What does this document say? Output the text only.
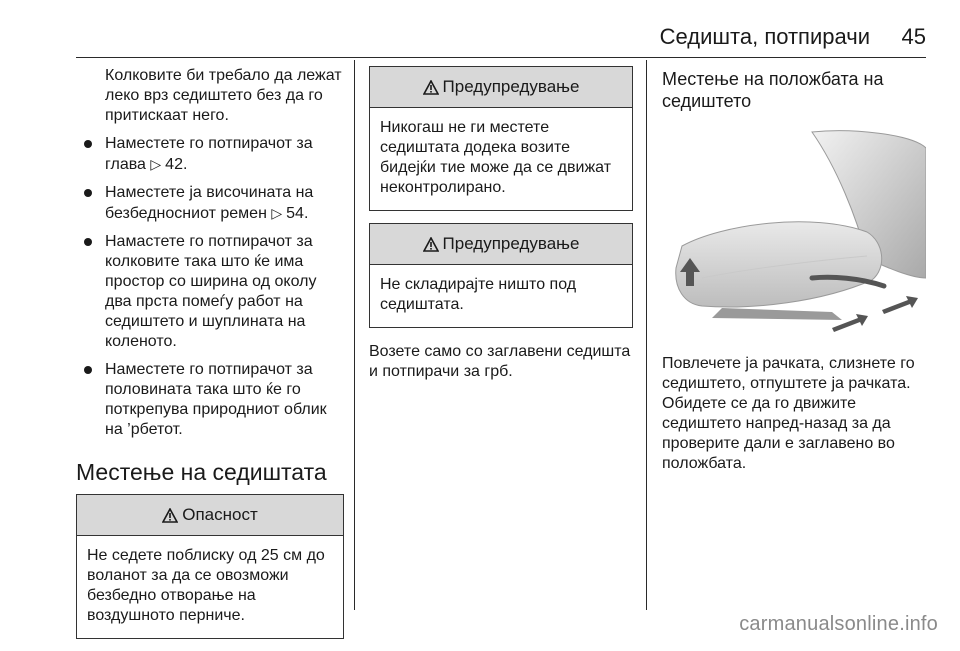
Седишта, потпирачи 45

Колковите би требало да лежат леко врз седиштето без да го притискаат него.

Наместете го потпирачот за глава ▷ 42.
Наместете ја височината на безбедносниот ремен ▷ 54.
Намастете го потпирачот за колковите така што ќе има простор со ширина од околу два прста помеѓу работ на седиштето и шуплината на коленото.
Наместете го потпирачот за половината така што ќе го поткрепува природниот облик на ’рбетот.
Местење на седиштата
Опасност
Не седете поблиску од 25 см до воланот за да се овозможи безбедно отворање на воздушното перниче.
Предупредување
Никогаш не ги местете седиштата додека возите бидејќи тие може да се движат неконтролирано.
Предупредување
Не складирајте ништо под седиштата.

Возете само со заглавени седишта и потпирачи за грб.

Местење на положбата на седиштето

Повлечете ја рачката, слизнете го седиштето, отпуштете ја рачката. Обидете се да го движите седиштето напред-назад за да проверите дали е заглавено во положбата.

carmanualsonline.info
